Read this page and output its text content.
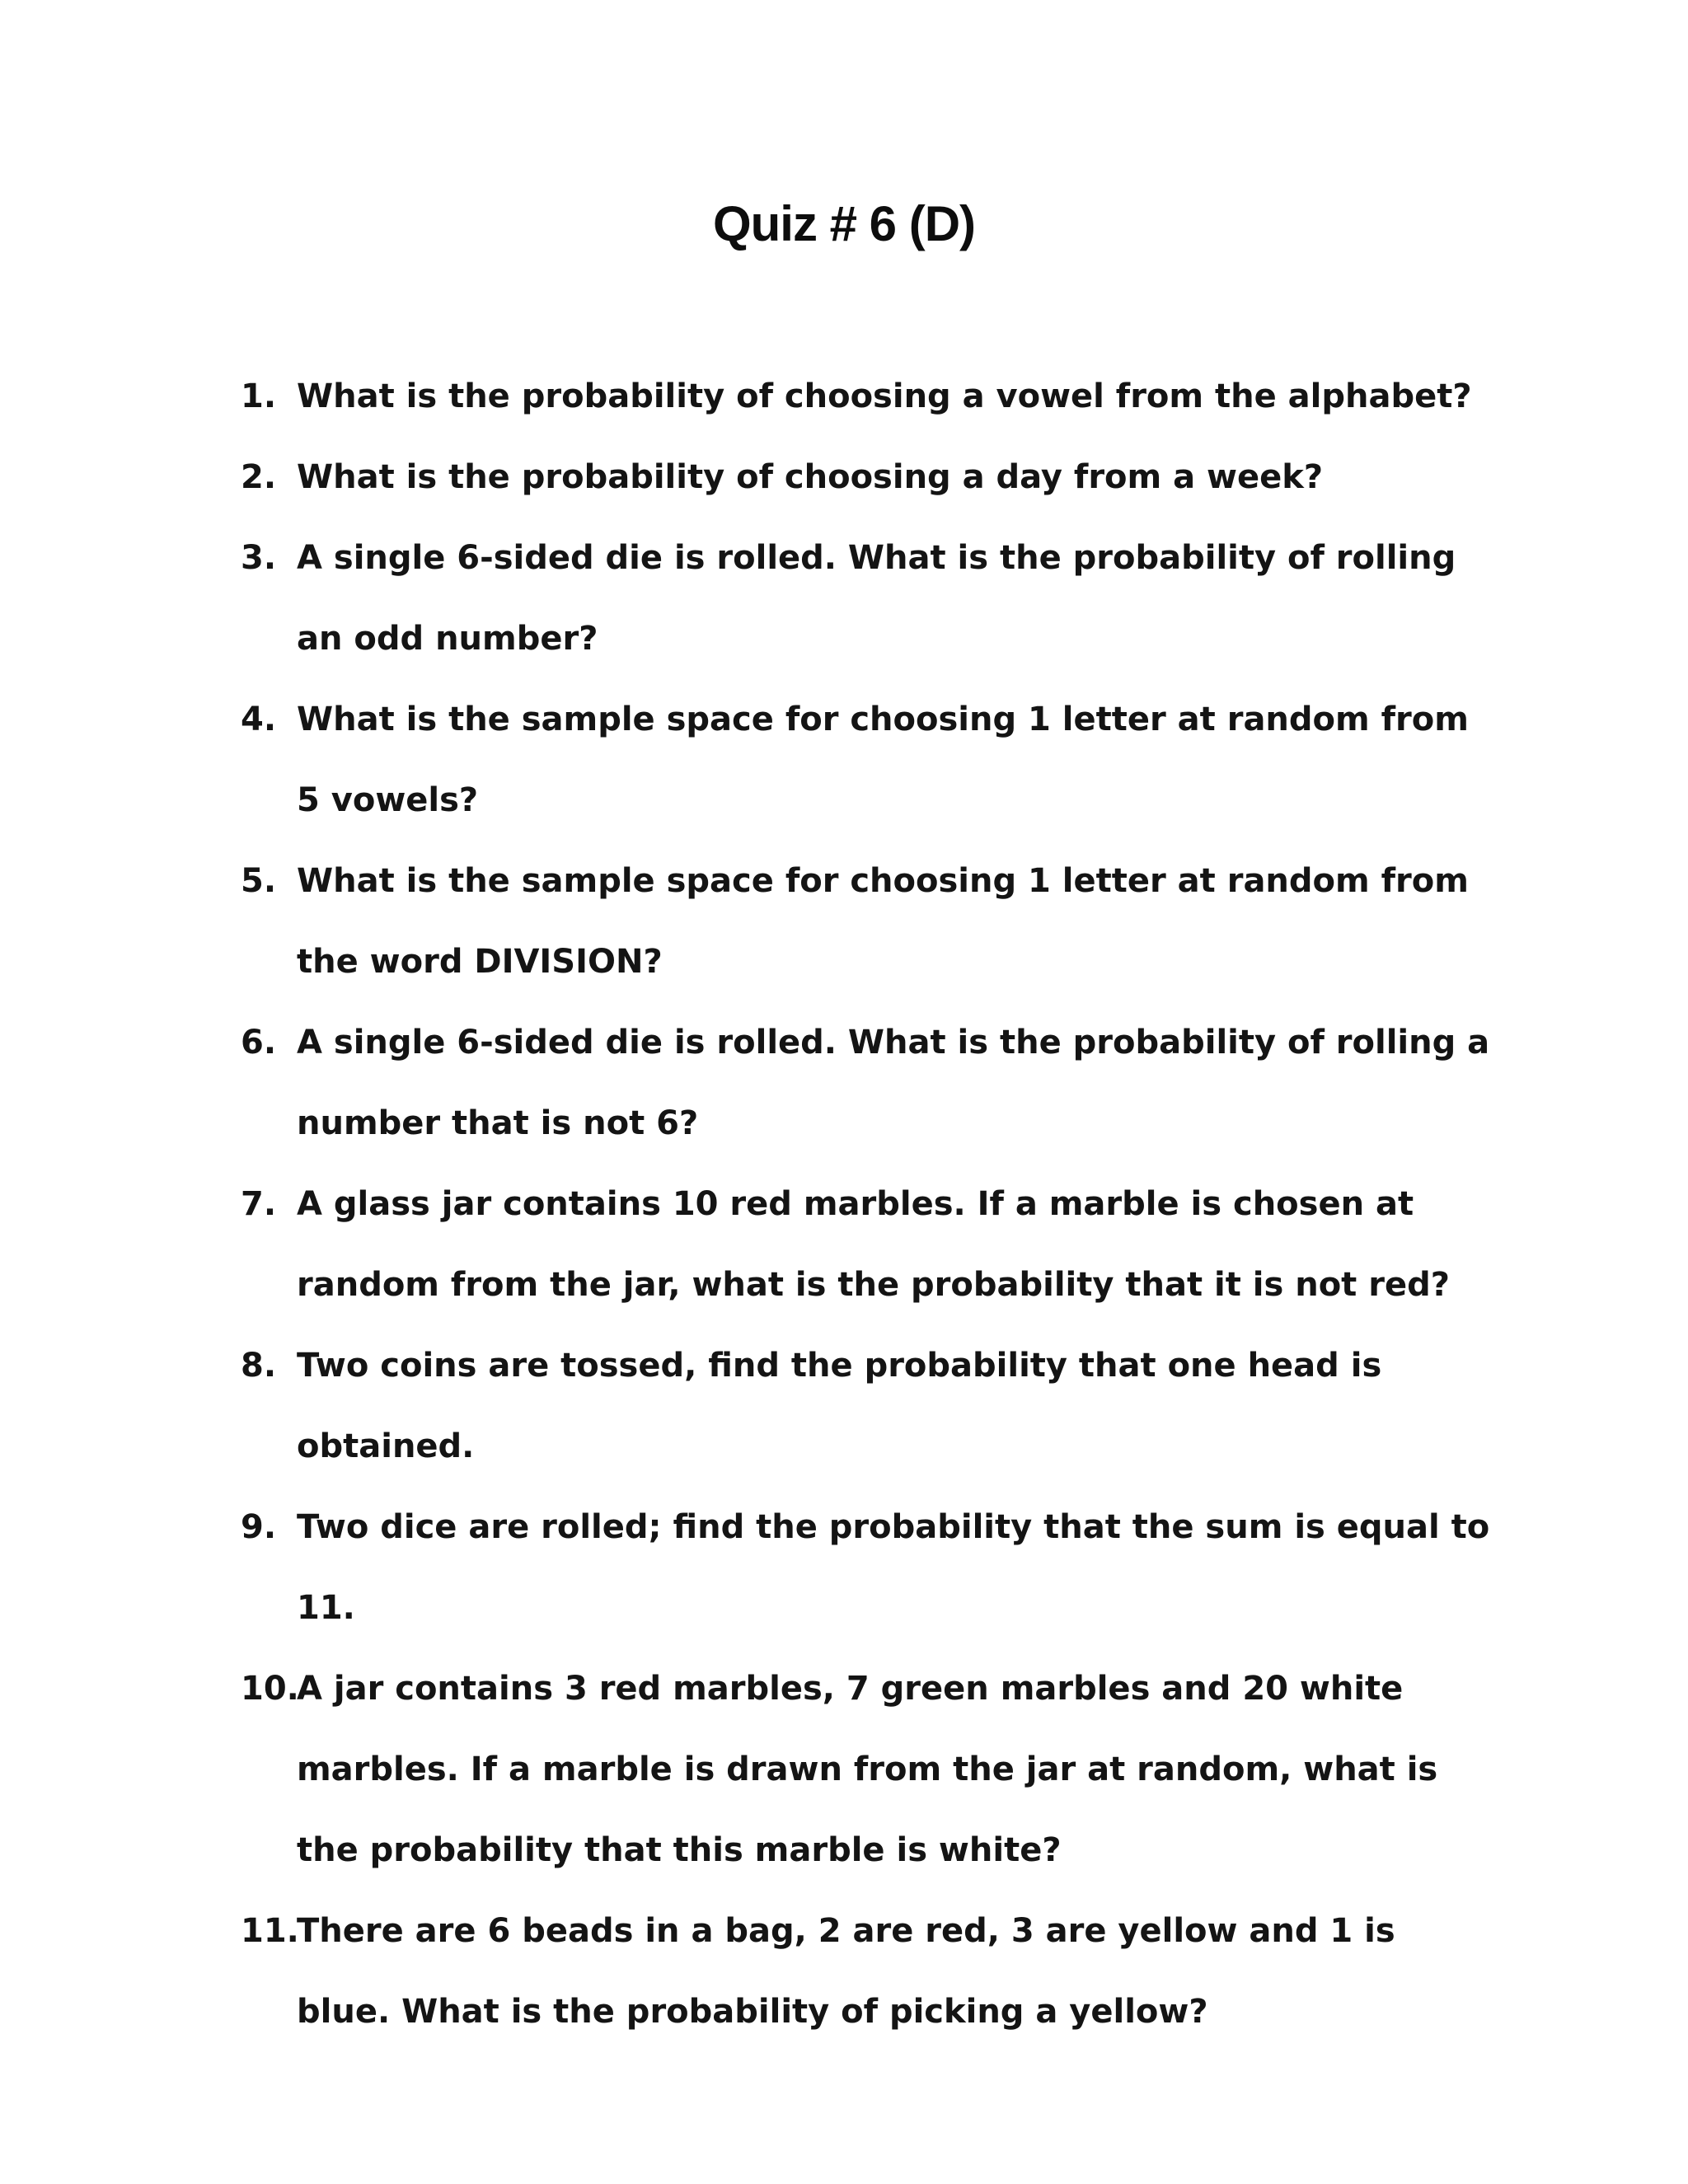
Quiz # 6 (D)
1. What is the probability of choosing a vowel from the alphabet?
2. What is the probability of choosing a day from a week?
3. A single 6-sided die is rolled. What is the probability of rolling an odd number?
4. What is the sample space for choosing 1 letter at random from 5 vowels?
5. What is the sample space for choosing 1 letter at random from the word DIVISION?
6. A single 6-sided die is rolled. What is the probability of rolling a number that is not 6?
7. A glass jar contains 10 red marbles. If a marble is chosen at random from the jar, what is the probability that it is not red?
8. Two coins are tossed, find the probability that one head is obtained.
9. Two dice are rolled; find the probability that the sum is equal to 11.
10.
A jar contains 3 red marbles, 7 green marbles and 20 white marbles. If a marble is drawn from the jar at random, what is the probability that this marble is white?
11.
There are 6 beads in a bag, 2 are red, 3 are yellow and 1 is blue. What is the probability of picking a yellow?
